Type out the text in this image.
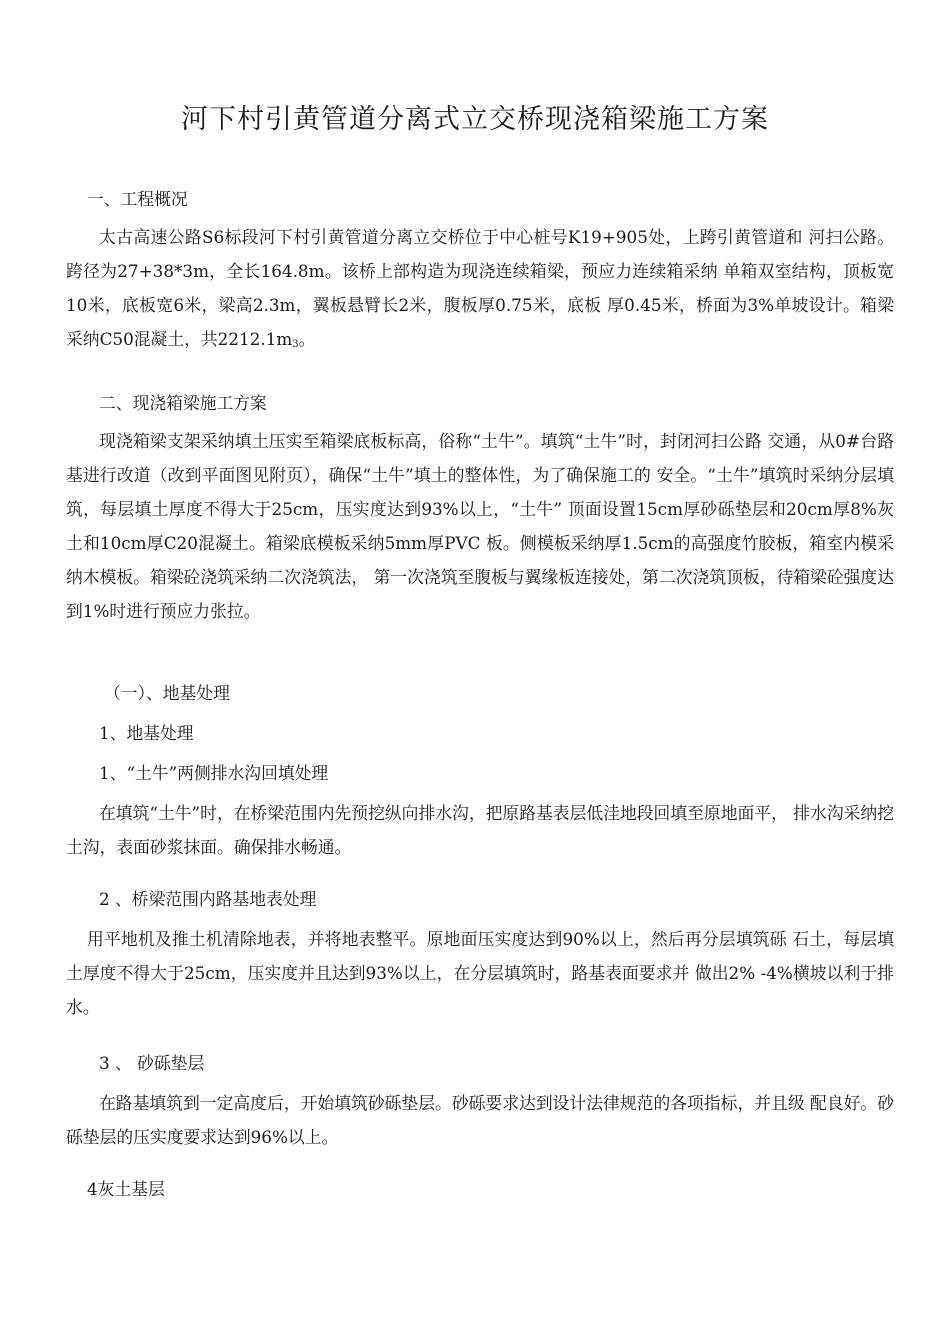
河下村引黄管道分离式立交桥现浇箱梁施工方案

一、工程概况

太古高速公路S6标段河下村引黄管道分离立交桥位于中心桩号K19+905处，上跨引黄管道和 河扫公路。跨径为27+38*3m，全长164.8m。该桥上部构造为现浇连续箱梁，预应力连续箱采纳 单箱双室结构，顶板宽10米，底板宽6米，梁高2.3m，翼板悬臂长2米，腹板厚0.75米，底板 厚0.45米，桥面为3%单坡设计。箱梁采纳C50混凝土，共$2212.1m_3$。

二、现浇箱梁施工方案

现浇箱梁支架采纳填土压实至箱梁底板标高，俗称“土牛”。填筑“土牛”时，封闭河扫公路 交通，从0#台路基进行改道（改到平面图见附页），确保“土牛”填土的整体性，为了确保施工的 安全。“土牛”填筑时采纳分层填筑，每层填土厚度不得大于25cm，压实度达到93%以上，“土牛” 顶面设置15cm厚砂砾垫层和20cm厚8%灰土和10cm厚C20混凝土。箱梁底模板采纳5mm厚PVC 板。侧模板采纳厚1.5cm的高强度竹胶板，箱室内模采纳木模板。箱梁砼浇筑采纳二次浇筑法， 第一次浇筑至腹板与翼缘板连接处，第二次浇筑顶板，待箱梁砼强度达到1%时进行预应力张拉。

（一）、地基处理

1、地基处理

1、“土牛”两侧排水沟回填处理

在填筑“土牛”时，在桥梁范围内先预挖纵向排水沟，把原路基表层低洼地段回填至原地面平， 排水沟采纳挖土沟，表面砂浆抹面。确保排水畅通。

2 、桥梁范围内路基地表处理

用平地机及推土机清除地表，并将地表整平。原地面压实度达到90%以上，然后再分层填筑砾 石土，每层填土厚度不得大于25cm，压实度并且达到93%以上，在分层填筑时，路基表面要求并 做出2% -4%横坡以利于排水。

3 、 砂砾垫层

在路基填筑到一定高度后，开始填筑砂砾垫层。砂砾要求达到设计法律规范的各项指标，并且级 配良好。砂砾垫层的压实度要求达到96%以上。

4灰土基层
